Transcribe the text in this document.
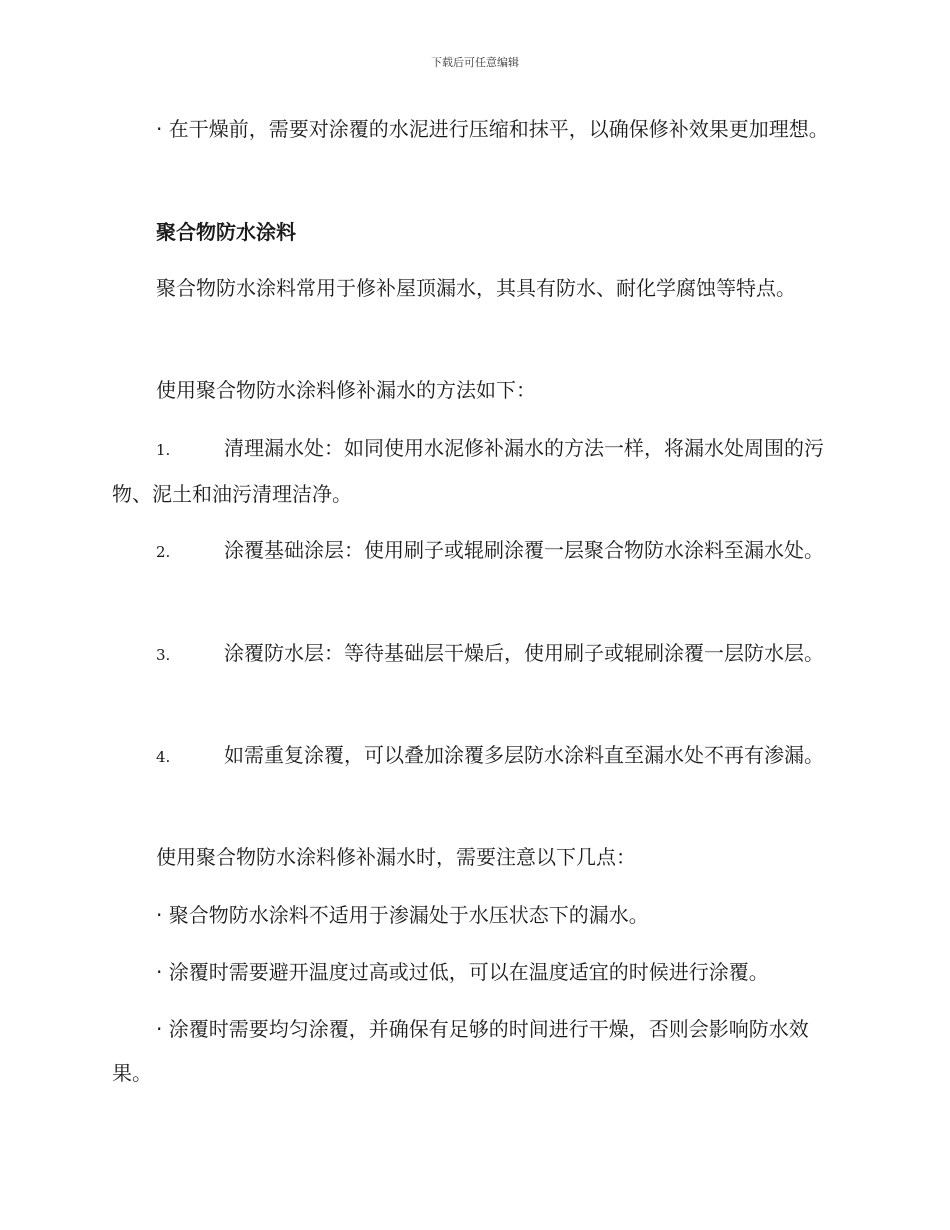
下载后可任意编辑

· 在干燥前，需要对涂覆的水泥进行压缩和抹平，以确保修补效果更加理想。

聚合物防水涂料

聚合物防水涂料常用于修补屋顶漏水，其具有防水、耐化学腐蚀等特点。

使用聚合物防水涂料修补漏水的方法如下：

1.	清理漏水处：如同使用水泥修补漏水的方法一样，将漏水处周围的污物、泥土和油污清理洁净。

2.	涂覆基础涂层：使用刷子或辊刷涂覆一层聚合物防水涂料至漏水处。

3.	涂覆防水层：等待基础层干燥后，使用刷子或辊刷涂覆一层防水层。

4.	如需重复涂覆，可以叠加涂覆多层防水涂料直至漏水处不再有渗漏。

使用聚合物防水涂料修补漏水时，需要注意以下几点：

· 聚合物防水涂料不适用于渗漏处于水压状态下的漏水。

· 涂覆时需要避开温度过高或过低，可以在温度适宜的时候进行涂覆。

· 涂覆时需要均匀涂覆，并确保有足够的时间进行干燥，否则会影响防水效果。
